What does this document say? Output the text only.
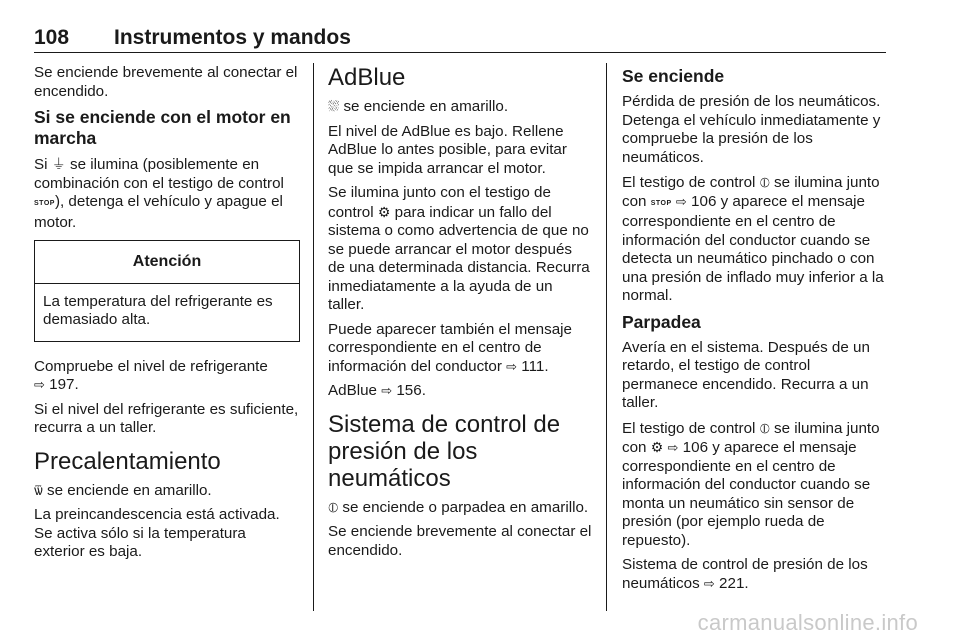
108 Instrumentos y mandos

Se enciende brevemente al conectar el encendido.

Si se enciende con el motor en marcha

Si ⏚ se ilumina (posiblemente en combinación con el testigo de control STOP), detenga el vehículo y apague el motor.

Atención
La temperatura del refrigerante es demasiado alta.

Compruebe el nivel de refrigerante
⇨ 197.

Si el nivel del refrigerante es suficiente, recurra a un taller.

Precalentamiento

ѿ se enciende en amarillo.

La preincandescencia está activada. Se activa sólo si la temperatura exterior es baja.

AdBlue

⛆ se enciende en amarillo.

El nivel de AdBlue es bajo. Rellene AdBlue lo antes posible, para evitar que se impida arrancar el motor.

Se ilumina junto con el testigo de control ⚙ para indicar un fallo del sistema o como advertencia de que no se puede arrancar el motor después de una determinada distancia. Recurra inmediatamente a la ayuda de un taller.

Puede aparecer también el mensaje correspondiente en el centro de información del conductor ⇨ 111.

AdBlue ⇨ 156.

Sistema de control de presión de los neumáticos

⦶ se enciende o parpadea en amarillo.

Se enciende brevemente al conectar el encendido.

Se enciende

Pérdida de presión de los neumáticos. Detenga el vehículo inmediatamente y compruebe la presión de los neumáticos.

El testigo de control ⦶ se ilumina junto con STOP ⇨ 106 y aparece el mensaje correspondiente en el centro de información del conductor cuando se detecta un neumático pinchado o con una presión de inflado muy inferior a la normal.

Parpadea

Avería en el sistema. Después de un retardo, el testigo de control permanece encendido. Recurra a un taller.

El testigo de control ⦶ se ilumina junto con ⚙ ⇨ 106 y aparece el mensaje correspondiente en el centro de información del conductor cuando se monta un neumático sin sensor de presión (por ejemplo rueda de repuesto).

Sistema de control de presión de los neumáticos ⇨ 221.

carmanualsonline.info
